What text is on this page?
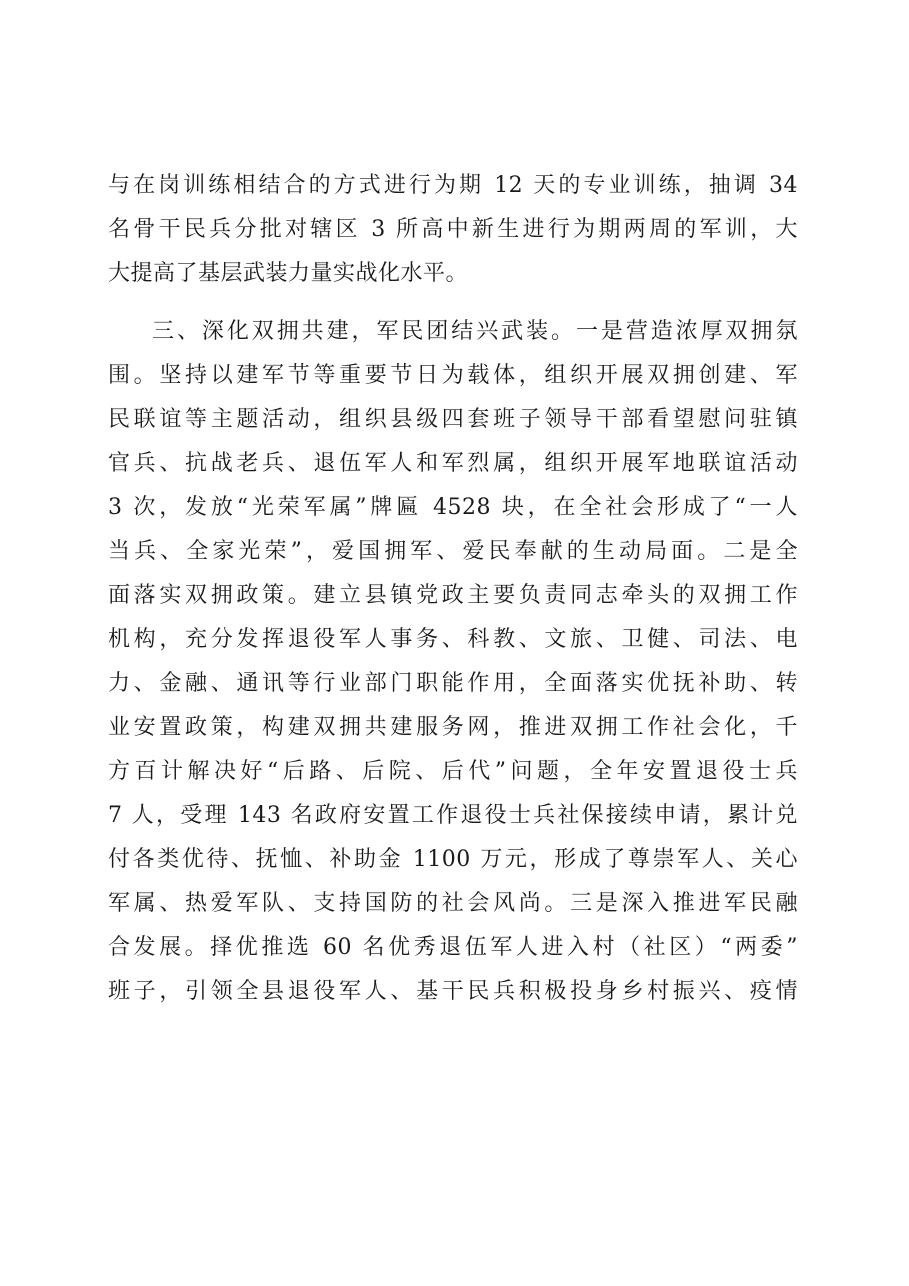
与在岗训练相结合的方式进行为期 12 天的专业训练，抽调 34
名骨干民兵分批对辖区 3 所高中新生进行为期两周的军训，大
大提高了基层武装力量实战化水平。
三、深化双拥共建，军民团结兴武装。一是营造浓厚双拥氛
围。坚持以建军节等重要节日为载体，组织开展双拥创建、军
民联谊等主题活动，组织县级四套班子领导干部看望慰问驻镇
官兵、抗战老兵、退伍军人和军烈属，组织开展军地联谊活动
3 次，发放“光荣军属”牌匾 4528 块，在全社会形成了“一人
当兵、全家光荣”，爱国拥军、爱民奉献的生动局面。二是全
面落实双拥政策。建立县镇党政主要负责同志牵头的双拥工作
机构，充分发挥退役军人事务、科教、文旅、卫健、司法、电
力、金融、通讯等行业部门职能作用，全面落实优抚补助、转
业安置政策，构建双拥共建服务网，推进双拥工作社会化，千
方百计解决好“后路、后院、后代”问题，全年安置退役士兵
7 人，受理 143 名政府安置工作退役士兵社保接续申请，累计兑
付各类优待、抚恤、补助金 1100 万元，形成了尊崇军人、关心
军属、热爱军队、支持国防的社会风尚。三是深入推进军民融
合发展。择优推选 60 名优秀退伍军人进入村（社区）“两委”
班子，引领全县退役军人、基干民兵积极投身乡村振兴、疫情
